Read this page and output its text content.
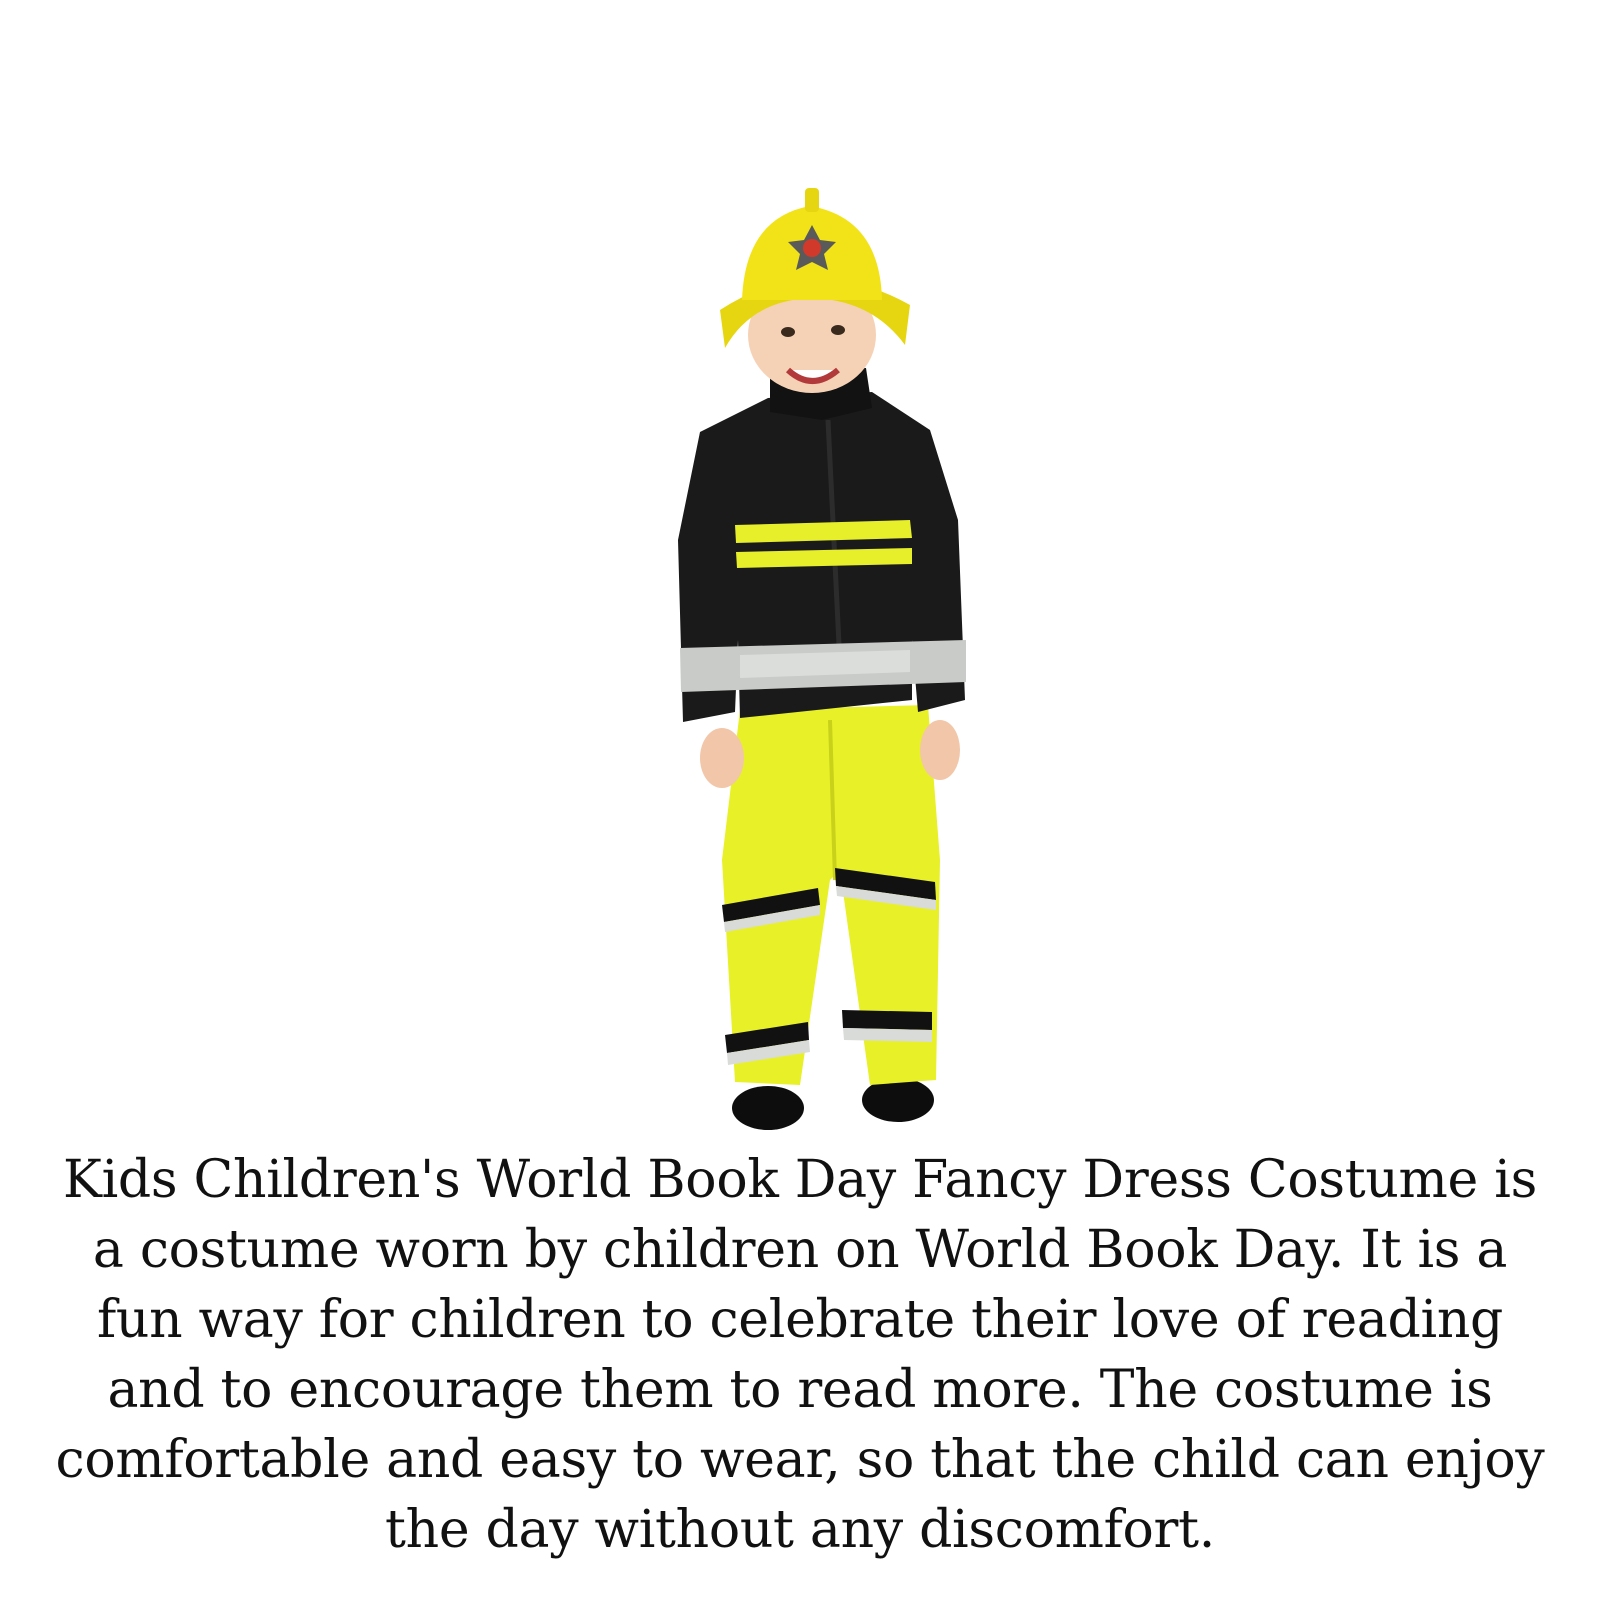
Kids Children's World Book Day Fancy Dress Costume is a costume worn by children on World Book Day. It is a fun way for children to celebrate their love of reading and to encourage them to read more. The costume is comfortable and easy to wear, so that the child can enjoy the day without any discomfort.
